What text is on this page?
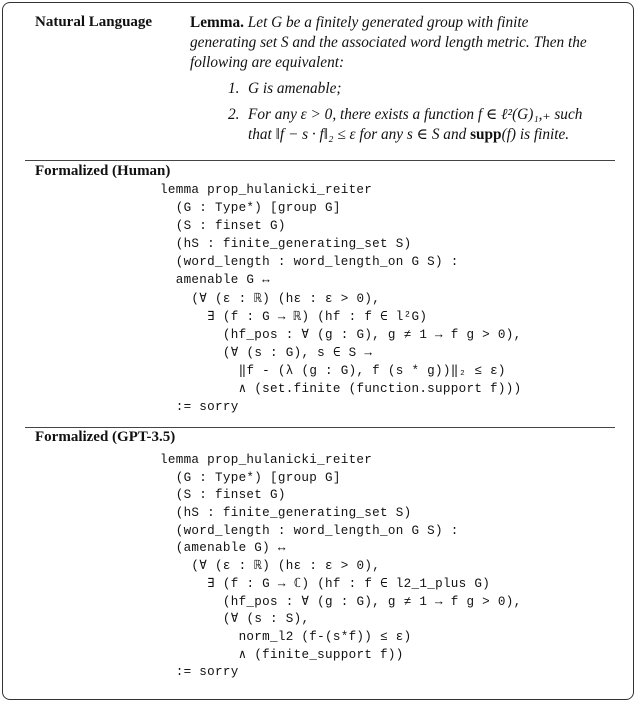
Natural Language Lemma. Let G be a finitely generated group with finite generating set S and the associated word length metric. Then the following are equivalent:
1. G is amenable;
2. For any ε > 0, there exists a function f ∈ ℓ²(G)₁,₊ such that ‖f − s · f‖₂ ≤ ε for any s ∈ S and supp(f) is finite.
Formalized (Human)
lemma prop_hulanicki_reiter
(G : Type*) [group G]
(S : finset G)
(hS : finite_generating_set S)
(word_length : word_length_on G S) :
amenable G ↔
(∀ (ε : ℝ) (hε : ε > 0),
∃ (f : G → ℝ) (hf : f ∈ l²G)
(hf_pos : ∀ (g : G), g ≠ 1 → f g > 0),
(∀ (s : G), s ∈ S →
‖f - (λ (g : G), f (s * g))‖₂ ≤ ε)
∧ (set.finite (function.support f)))
:= sorry
Formalized (GPT-3.5)
lemma prop_hulanicki_reiter
(G : Type*) [group G]
(S : finset G)
(hS : finite_generating_set S)
(word_length : word_length_on G S) :
(amenable G) ↔
(∀ (ε : ℝ) (hε : ε > 0),
∃ (f : G → ℂ) (hf : f ∈ l2_1_plus G)
(hf_pos : ∀ (g : G), g ≠ 1 → f g > 0),
(∀ (s : S),
norm_l2 (f-(s*f)) ≤ ε)
∧ (finite_support f))
:= sorry
